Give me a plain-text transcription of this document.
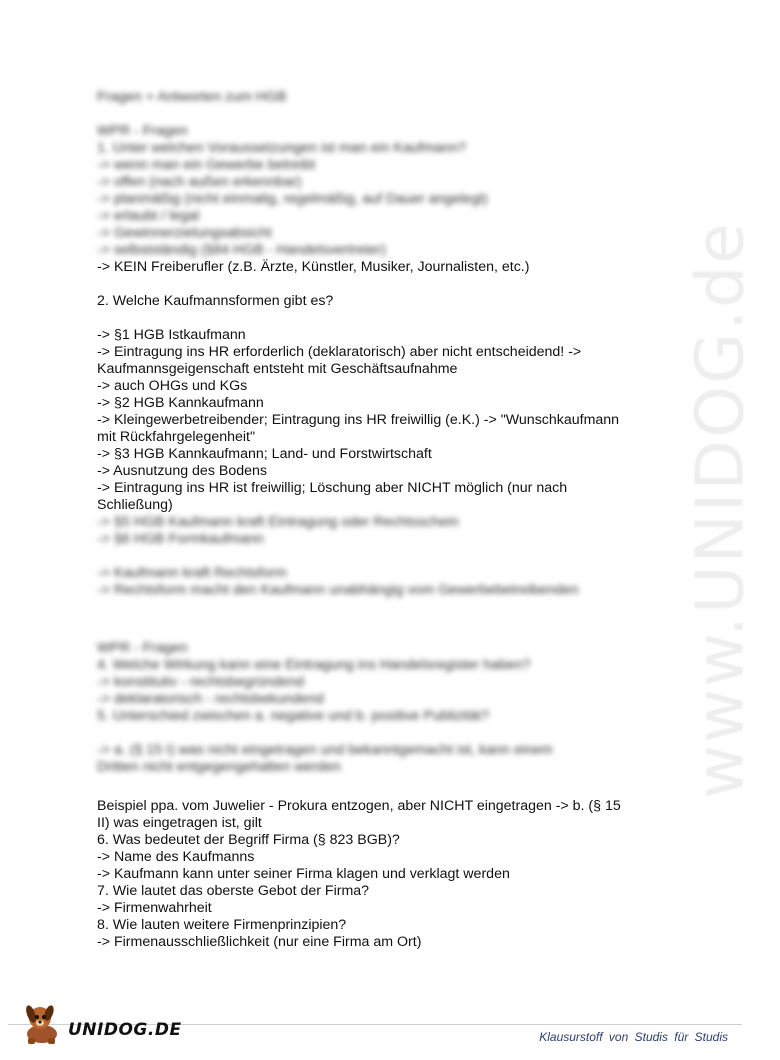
www.UNIDOG.de
Fragen + Antworten zum HGB
WPR - Fragen
1. Unter welchen Voraussetzungen ist man ein Kaufmann?
-> wenn man ein Gewerbe betreibt
-> offen (nach außen erkennbar)
-> planmäßig (nicht einmalig, regelmäßig, auf Dauer angelegt)
-> erlaubt / legal
-> Gewinnerzielungsabsicht
-> selbstständig (§84 HGB - Handelsvertreter)
-> KEIN Freiberufler (z.B. Ärzte, Künstler, Musiker, Journalisten, etc.)
2. Welche Kaufmannsformen gibt es?
-> §1 HGB Istkaufmann
-> Eintragung ins HR erforderlich (deklaratorisch) aber nicht entscheidend! -> Kaufmannsgeigenschaft entsteht mit Geschäftsaufnahme
-> auch OHGs und KGs
-> §2 HGB Kannkaufmann
-> Kleingewerbetreibender; Eintragung ins HR freiwillig (e.K.) -> "Wunschkaufmann mit Rückfahrgelegenheit"
-> §3 HGB Kannkaufmann; Land- und Forstwirtschaft
-> Ausnutzung des Bodens
-> Eintragung ins HR ist freiwillig; Löschung aber NICHT möglich (nur nach Schließung)
-> §5 HGB Kaufmann kraft Eintragung oder Rechtsschein
-> §6 HGB Formkaufmann
-> Kaufmann kraft Rechtsform
-> Rechtsform macht den Kaufmann unabhängig vom Gewerbebetreibenden
WPR - Fragen
4. Welche Wirkung kann eine Eintragung ins Handelsregister haben?
-> konstitutiv - rechtsbegründend
-> deklaratorisch - rechtsbekundend
5. Unterschied zwischen a. negative und b. positive Publizität?
-> a. (§ 15 I) was nicht eingetragen und bekanntgemacht ist, kann einem Dritten nicht entgegengehalten werden
Beispiel ppa. vom Juwelier - Prokura entzogen, aber NICHT eingetragen -> b. (§ 15 II) was eingetragen ist, gilt
6. Was bedeutet der Begriff Firma (§ 823 BGB)?
-> Name des Kaufmanns
-> Kaufmann kann unter seiner Firma klagen und verklagt werden
7. Wie lautet das oberste Gebot der Firma?
-> Firmenwahrheit
8. Wie lauten weitere Firmenprinzipien?
-> Firmenausschließlichkeit (nur eine Firma am Ort)
UNIDOG.DE	Klausurstoff von Studis für Studis
